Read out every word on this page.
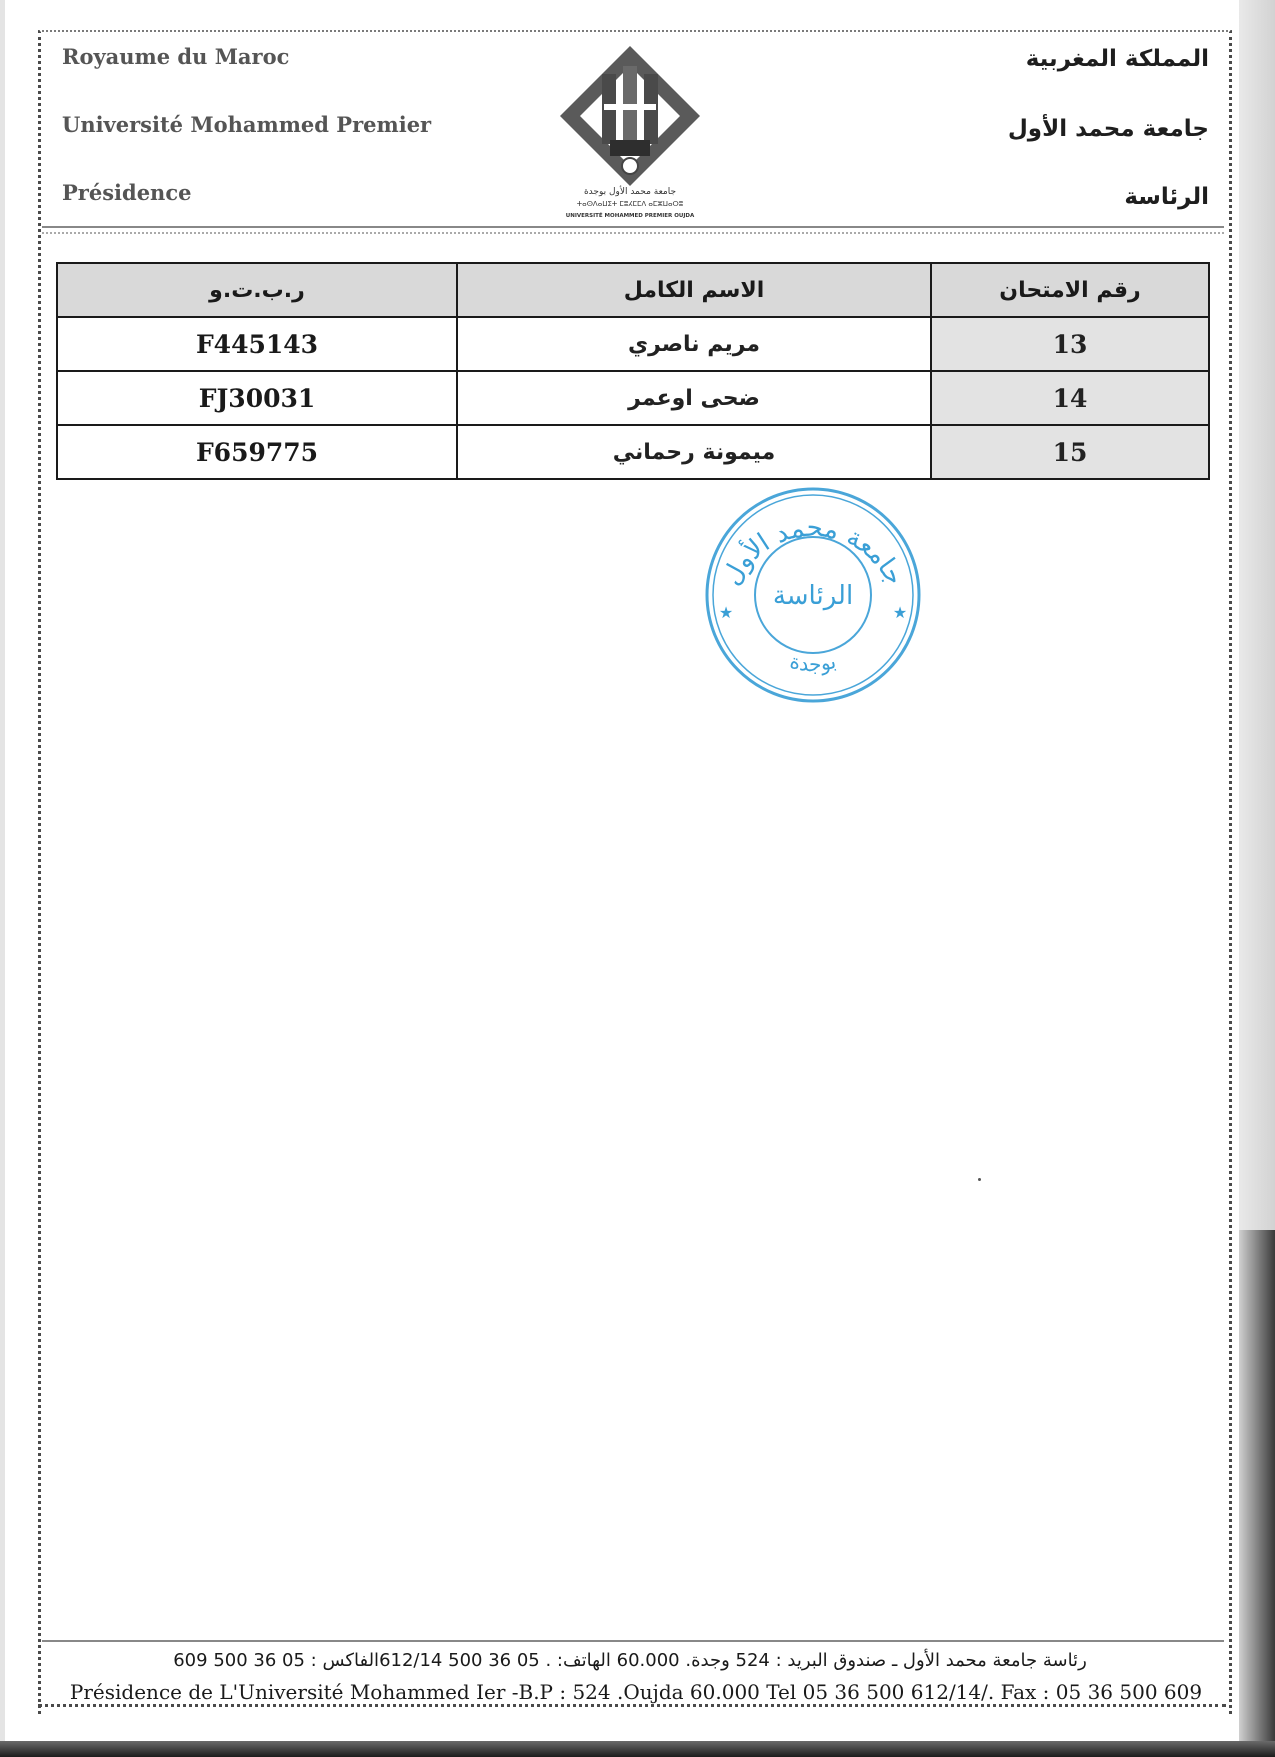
Royaume du Maroc
Université Mohammed Premier
Présidence
المملكة المغربية
جامعة محمد الأول
الرئاسة
جامعة محمد الأول بوجدة
ⵜⴰⵙⴷⴰⵡⵉⵜ ⵎⵓⵃⵎⵎⴷ ⴰⵎⵣⵡⴰⵔⵓ
UNIVERSITÉ MOHAMMED PREMIER OUJDA
ر.ب.ت.و	الاسم الكامل	رقم الامتحان
F445143	مريم ناصري	13
FJ30031	ضحى اوعمر	14
F659775	ميمونة رحماني	15
جامعة محمد الأول
بوجدة
الرئاسة
★	★
رئاسة جامعة محمد الأول ـ صندوق البريد : 524 وجدة. 60.000 الهاتف: . 05 36 500 612/14الفاكس : 05 36 500 609
Présidence de L'Université Mohammed Ier -B.P : 524 .Oujda 60.000 Tel 05 36 500 612/14/. Fax : 05 36 500 609
